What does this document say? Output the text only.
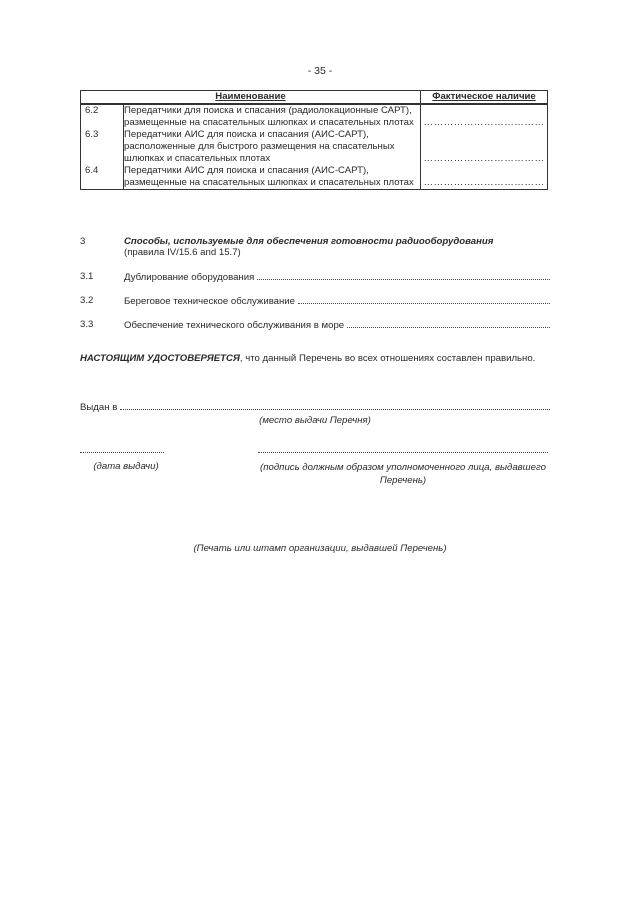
- 35 -
Наименование		Фактическое наличие
6.2	Передатчики для поиска и спасания (радиолокационные САРТ), размещенные на спасательных шлюпках и спасательных плотах	………………………………
6.3	Передатчики АИС для поиска и спасания (АИС-САРТ), расположенные для быстрого размещения на спасательных шлюпках и спасательных плотах	………………………………
6.4	Передатчики АИС для поиска и спасания (АИС-САРТ), размещенные на спасательных шлюпках и спасательных плотах	………………………………
3	Способы, используемые для обеспечения готовности радиооборудования
(правила IV/15.6 and 15.7)
3.1	Дублирование оборудования
3.2	Береговое техническое обслуживание
3.3	Обеспечение технического обслуживания в море
НАСТОЯЩИМ УДОСТОВЕРЯЕТСЯ, что данный Перечень во всех отношениях составлен правильно.
Выдан в
(место выдачи Перечня)
(дата выдачи)	(подпись должным образом уполномоченного лица, выдавшего Перечень)
(Печать или штамп организации, выдавшей Перечень)
